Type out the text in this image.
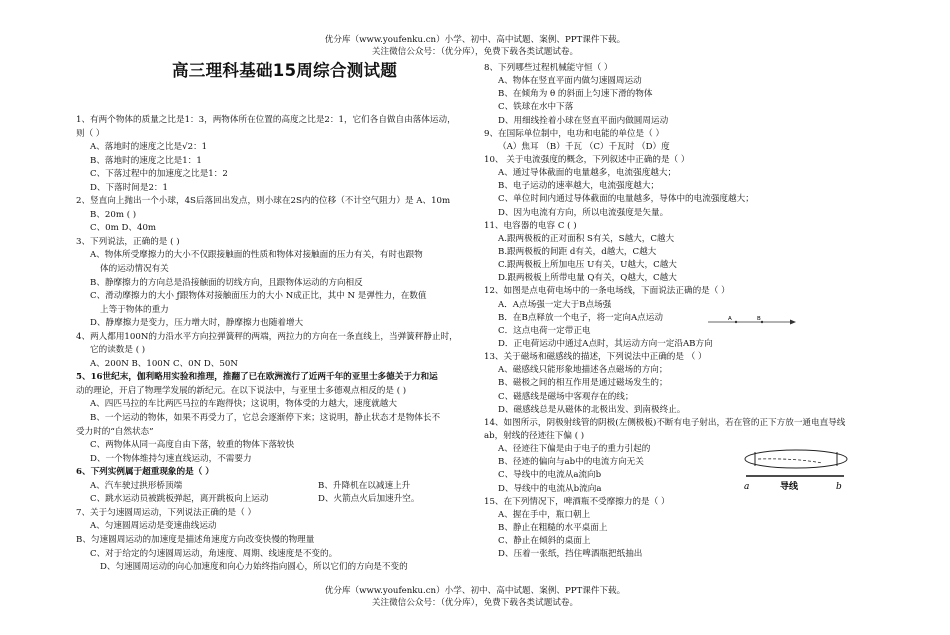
优分库（www.youfenku.cn）小学、初中、高中试题、案例、PPT课件下载。
关注微信公众号：（优分库），免费下载各类试题试卷。
高三理科基础15周综合测试题
1、有两个物体的质量之比是1：3，两物体所在位置的高度之比是2：1，它们各自做自由落体运动，
则（ ）
A、落地时的速度之比是√2：1
B、落地时的速度之比是1：1
C、下落过程中的加速度之比是1：2
D、下落时间是2：1
2、竖直向上抛出一个小球，4S后落回出发点，则小球在2S内的位移（不计空气阻力）是 A、10m
B、20m ( )
C、0m D、40m
3、下列说法，正确的是 ( )
A、物体所受摩擦力的大小不仅跟接触面的性质和物体对接触面的压力有关，有时也跟物
体的运动情况有关
B、静摩擦力的方向总是沿接触面的切线方向，且跟物体运动的方向相反
C、滑动摩擦力的大小 ƒ跟物体对接触面压力的大小 N成正比，其中 N 是弹性力，在数值
上等于物体的重力
D、静摩擦力是变力，压力增大时，静摩擦力也随着增大
4、两人都用100N的力沿水平方向拉弹簧秤的两端，两拉力的方向在一条直线上，当弹簧秤静止时，
它的读数是 ( )
A、200N B、100N C、0N D、50N
5、16世纪末，伽利略用实验和推理，推翻了已在欧洲流行了近两千年的亚里士多德关于力和运
动的理论，开启了物理学发展的新纪元。在以下说法中，与亚里士多德观点相反的是 ( )
A、四匹马拉的车比两匹马拉的车跑得快；这说明，物体受的力越大，速度就越大
B、一个运动的物体，如果不再受力了，它总会逐渐停下来；这说明，静止状态才是物体长不
受力时的“自然状态”
C、两物体从同一高度自由下落，较重的物体下落较快
D、一个物体维持匀速直线运动，不需要力
6、下列实例属于超重现象的是（ ）
A、汽车驶过拱形桥顶端	B、升降机在以减速上升
C、跳水运动员被跳板弹起，离开跳板向上运动	D、火箭点火后加速升空。
7、关于匀速圆周运动，下列说法正确的是（ ）
A、匀速圆周运动是变速曲线运动
B、匀速圆周运动的加速度是描述角速度方向改变快慢的物理量
C、对于给定的匀速圆周运动，角速度、周期、线速度是不变的。
D、匀速圆周运动的向心加速度和向心力始终指向圆心，所以它们的方向是不变的
8、下列哪些过程机械能守恒（ ）
A、物体在竖直平面内做匀速圆周运动
B、在倾角为 θ 的斜面上匀速下滑的物体
C、铁球在水中下落
D、用细线拴着小球在竖直平面内做圆周运动
9、在国际单位制中，电功和电能的单位是（ ）
（A）焦耳 （B）千瓦 （C）千瓦时 （D）度
10、 关于电流强度的概念，下列叙述中正确的是（ ）
A、通过导体截面的电量越多，电流强度越大；
B、电子运动的速率越大，电流强度越大；
C、单位时间内通过导体截面的电量越多，导体中的电流强度越大；
D、因为电流有方向，所以电流强度是矢量。
11、电容器的电容 C ( )
A.跟两极板的正对面积 S有关，S越大，C越大
B.跟两极板的间距 d有关，d越大，C越大
C.跟两极板上所加电压 U有关，U越大，C越大
D.跟两极板上所带电量 Q有关，Q越大，C越大
12、如图是点电荷电场中的一条电场线，下面说法正确的是（ ）
A．A点场强一定大于B点场强
B．在B点释放一个电子，将一定向A点运动
C．这点电荷一定带正电
D．正电荷运动中通过A点时，其运动方向一定沿AB方向
13、关于磁场和磁感线的描述，下列说法中正确的是 （ ）
A、磁感线只能形象地描述各点磁场的方向；
B、磁极之间的相互作用是通过磁场发生的；
C、磁感线是磁场中客观存在的线；
D、磁感线总是从磁体的北极出发、到南极终止。
14、如图所示，阴极射线管的阴极(左侧极板)不断有电子射出，若在管的正下方放一通电直导线
ab，射线的径迹往下偏 ( )
A、径迹往下偏是由于电子的重力引起的
B、径迹的偏向与ab中的电流方向无关
C、导线中的电流从a流向b
D、导线中的电流从b流向a
15、在下列情况下，啤酒瓶不受摩擦力的是（ ）
A、握在手中，瓶口朝上
B、静止在粗糙的水平桌面上
C、静止在倾斜的桌面上
D、压着一张纸，挡住啤酒瓶把纸抽出
A	B
a	导线	b
优分库（www.youfenku.cn）小学、初中、高中试题、案例、PPT课件下载。
关注微信公众号：（优分库），免费下载各类试题试卷。
